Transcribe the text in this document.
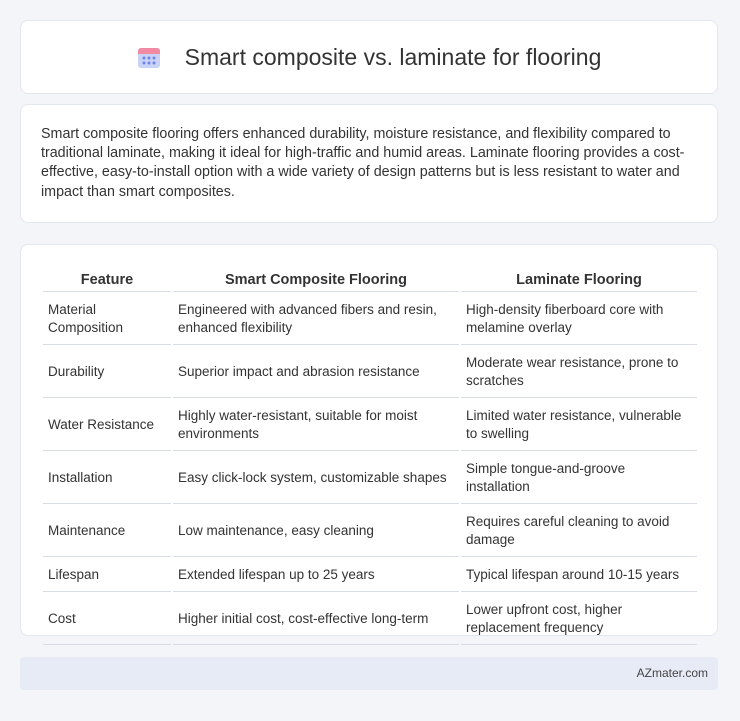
Smart composite vs. laminate for flooring

Smart composite flooring offers enhanced durability, moisture resistance, and flexibility compared to traditional laminate, making it ideal for high-traffic and humid areas. Laminate flooring provides a cost-effective, easy-to-install option with a wide variety of design patterns but is less resistant to water and impact than smart composites.

Feature	Smart Composite Flooring	Laminate Flooring
Material Composition	Engineered with advanced fibers and resin, enhanced flexibility	High-density fiberboard core with melamine overlay
Durability	Superior impact and abrasion resistance	Moderate wear resistance, prone to scratches
Water Resistance	Highly water-resistant, suitable for moist environments	Limited water resistance, vulnerable to swelling
Installation	Easy click-lock system, customizable shapes	Simple tongue-and-groove installation
Maintenance	Low maintenance, easy cleaning	Requires careful cleaning to avoid damage
Lifespan	Extended lifespan up to 25 years	Typical lifespan around 10-15 years
Cost	Higher initial cost, cost-effective long-term	Lower upfront cost, higher replacement frequency
AZmater.com
